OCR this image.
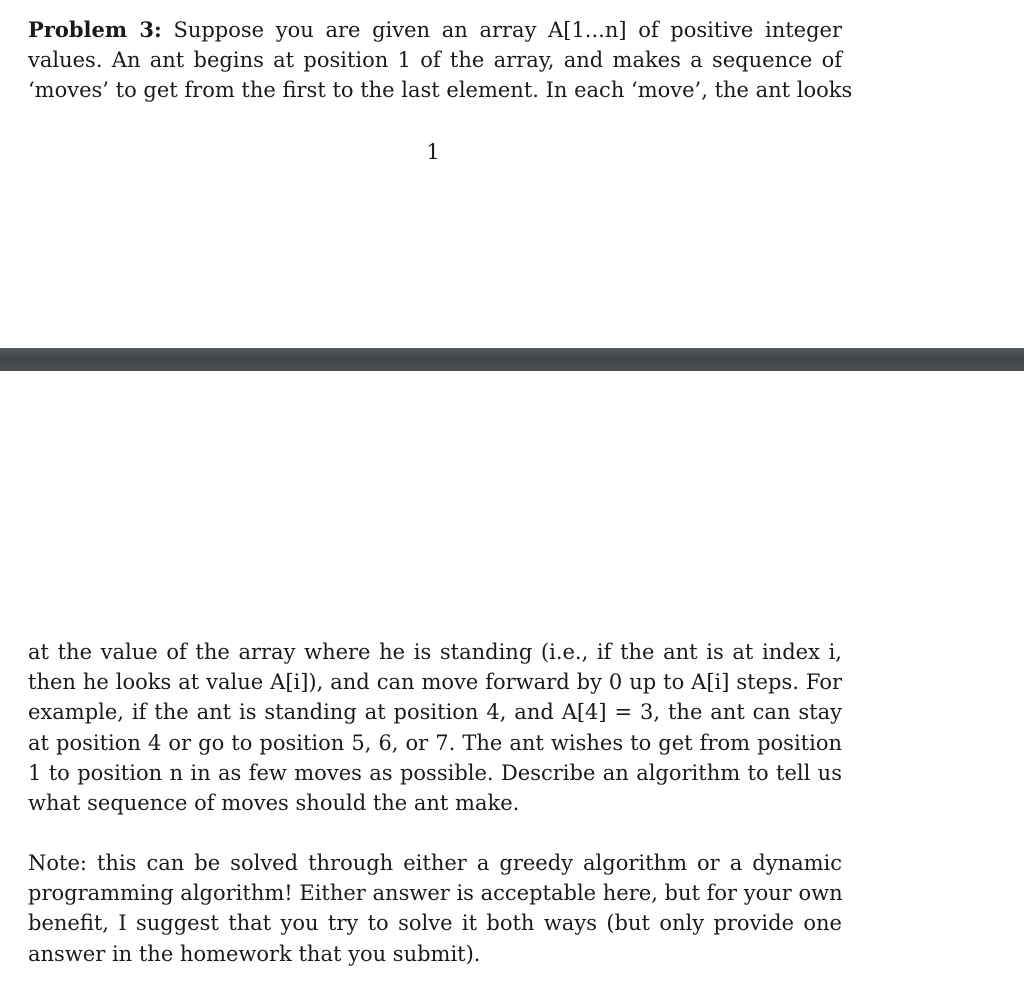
Problem 3: Suppose you are given an array A[1...n] of positive integer
values. An ant begins at position 1 of the array, and makes a sequence of
‘moves’ to get from the first to the last element. In each ‘move’, the ant looks
1
at the value of the array where he is standing (i.e., if the ant is at index i,
then he looks at value A[i]), and can move forward by 0 up to A[i] steps. For
example, if the ant is standing at position 4, and A[4] = 3, the ant can stay
at position 4 or go to position 5, 6, or 7. The ant wishes to get from position
1 to position n in as few moves as possible. Describe an algorithm to tell us
what sequence of moves should the ant make.
Note: this can be solved through either a greedy algorithm or a dynamic
programming algorithm! Either answer is acceptable here, but for your own
benefit, I suggest that you try to solve it both ways (but only provide one
answer in the homework that you submit).
